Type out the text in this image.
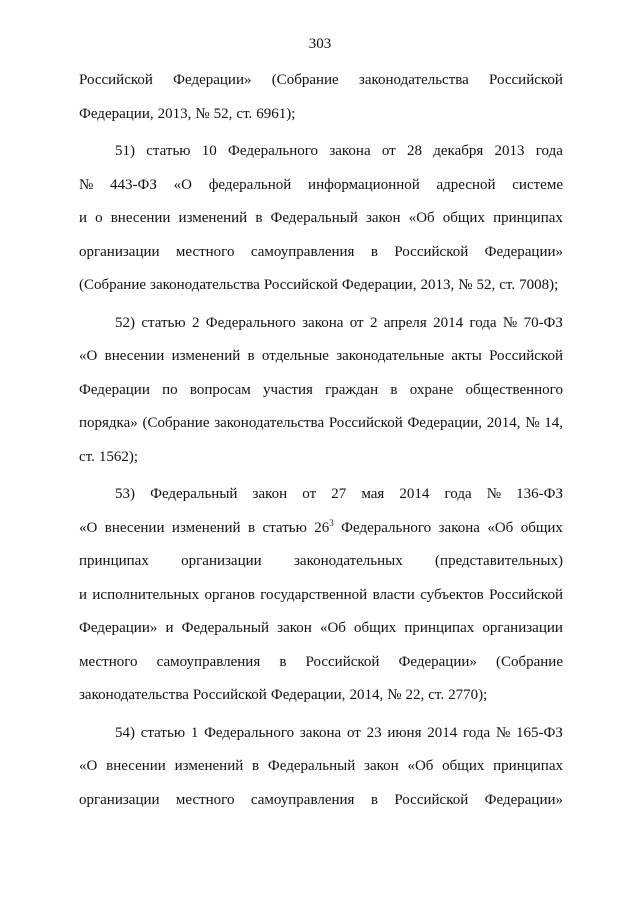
303
Российской Федерации» (Собрание законодательства Российской
Федерации, 2013, № 52, ст. 6961);
51) статью 10 Федерального закона от 28 декабря 2013 года
№ 443-ФЗ «О федеральной информационной адресной системе
и о внесении изменений в Федеральный закон «Об общих принципах
организации местного самоуправления в Российской Федерации»
(Собрание законодательства Российской Федерации, 2013, № 52, ст. 7008);
52) статью 2 Федерального закона от 2 апреля 2014 года № 70-ФЗ
«О внесении изменений в отдельные законодательные акты Российской
Федерации по вопросам участия граждан в охране общественного
порядка» (Собрание законодательства Российской Федерации, 2014, № 14,
ст. 1562);
53) Федеральный закон от 27 мая 2014 года № 136-ФЗ
«О внесении изменений в статью $26^3$ Федерального закона «Об общих
принципах организации законодательных (представительных)
и исполнительных органов государственной власти субъектов Российской
Федерации» и Федеральный закон «Об общих принципах организации
местного самоуправления в Российской Федерации» (Собрание
законодательства Российской Федерации, 2014, № 22, ст. 2770);
54) статью 1 Федерального закона от 23 июня 2014 года № 165-ФЗ
«О внесении изменений в Федеральный закон «Об общих принципах
организации местного самоуправления в Российской Федерации»
